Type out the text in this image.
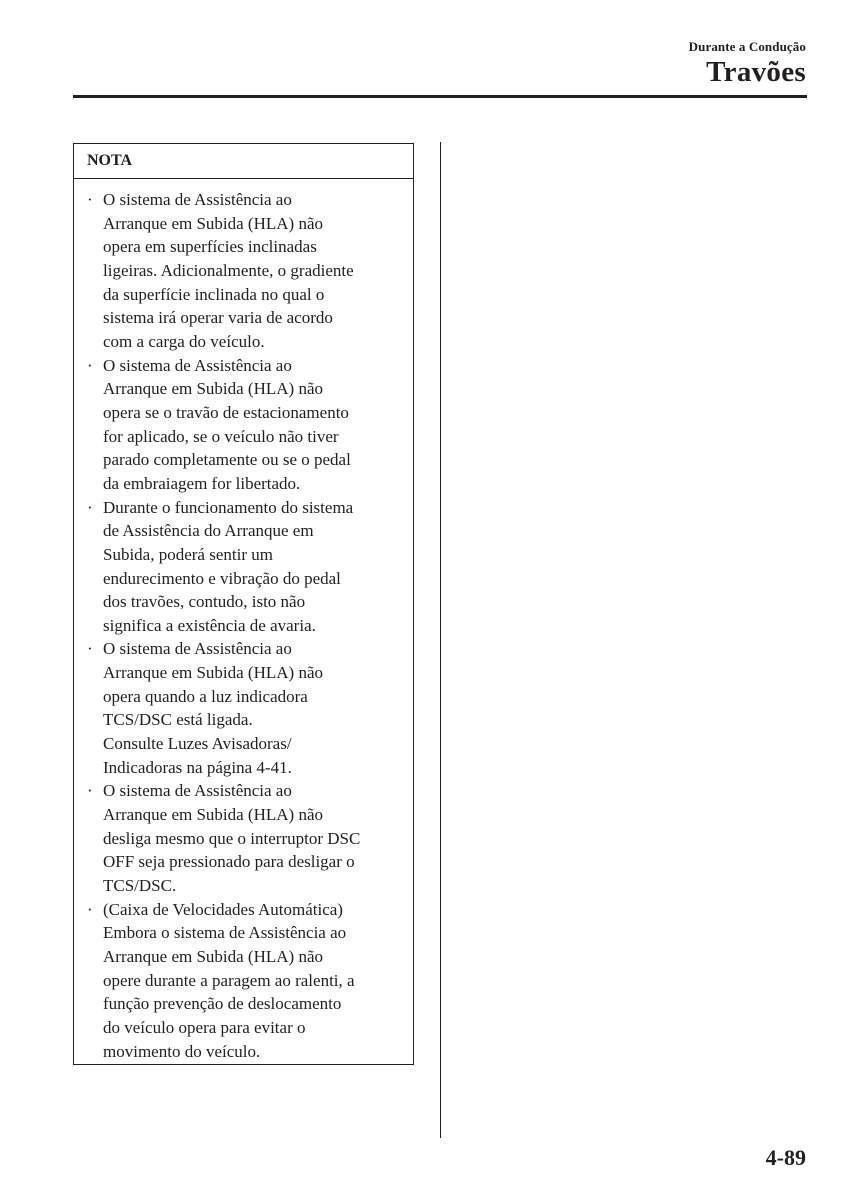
Durante a Condução
Travões
NOTA
· O sistema de Assistência ao
Arranque em Subida (HLA) não
opera em superfícies inclinadas
ligeiras. Adicionalmente, o gradiente
da superfície inclinada no qual o
sistema irá operar varia de acordo
com a carga do veículo.
· O sistema de Assistência ao
Arranque em Subida (HLA) não
opera se o travão de estacionamento
for aplicado, se o veículo não tiver
parado completamente ou se o pedal
da embraiagem for libertado.
· Durante o funcionamento do sistema
de Assistência do Arranque em
Subida, poderá sentir um
endurecimento e vibração do pedal
dos travões, contudo, isto não
significa a existência de avaria.
· O sistema de Assistência ao
Arranque em Subida (HLA) não
opera quando a luz indicadora
TCS/DSC está ligada.
Consulte Luzes Avisadoras/
Indicadoras na página 4-41.
· O sistema de Assistência ao
Arranque em Subida (HLA) não
desliga mesmo que o interruptor DSC
OFF seja pressionado para desligar o
TCS/DSC.
· (Caixa de Velocidades Automática)
Embora o sistema de Assistência ao
Arranque em Subida (HLA) não
opere durante a paragem ao ralenti, a
função prevenção de deslocamento
do veículo opera para evitar o
movimento do veículo.
4-89
